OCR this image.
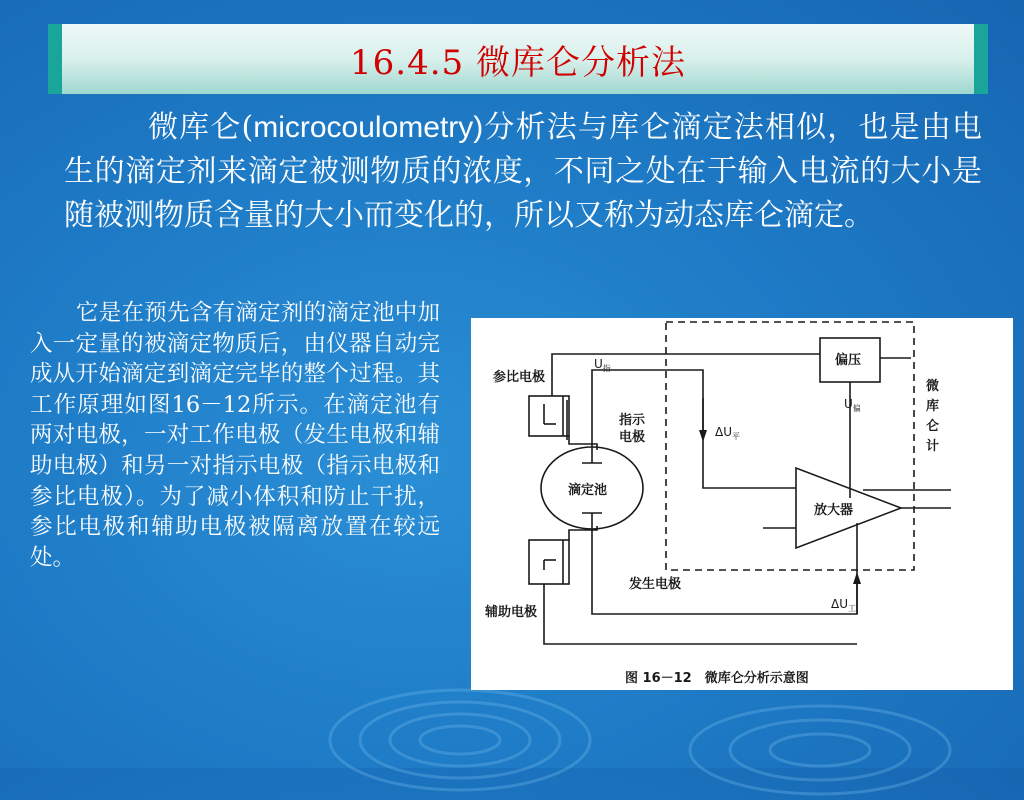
16.4.5 微库仑分析法

微库仑(microcoulometry)分析法与库仑滴定法相似，也是由电生的滴定剂来滴定被测物质的浓度，不同之处在于输入电流的大小是随被测物质含量的大小而变化的，所以又称为动态库仑滴定。

它是在预先含有滴定剂的滴定池中加入一定量的被滴定物质后，由仪器自动完成从开始滴定到滴定完毕的整个过程。其工作原理如图16－12所示。在滴定池有两对电极，一对工作电极（发生电极和辅助电极）和另一对指示电极（指示电极和参比电极）。为了减小体积和防止干扰，参比电极和辅助电极被隔离放置在较远处。

参比电极
指示
电极
滴定池
发生电极
辅助电极
偏压
放大器
$U_指$
$U_偏$
$\Delta U_平$
$\Delta U_工$
微
库
仑
计
图 16－12　微库仑分析示意图
